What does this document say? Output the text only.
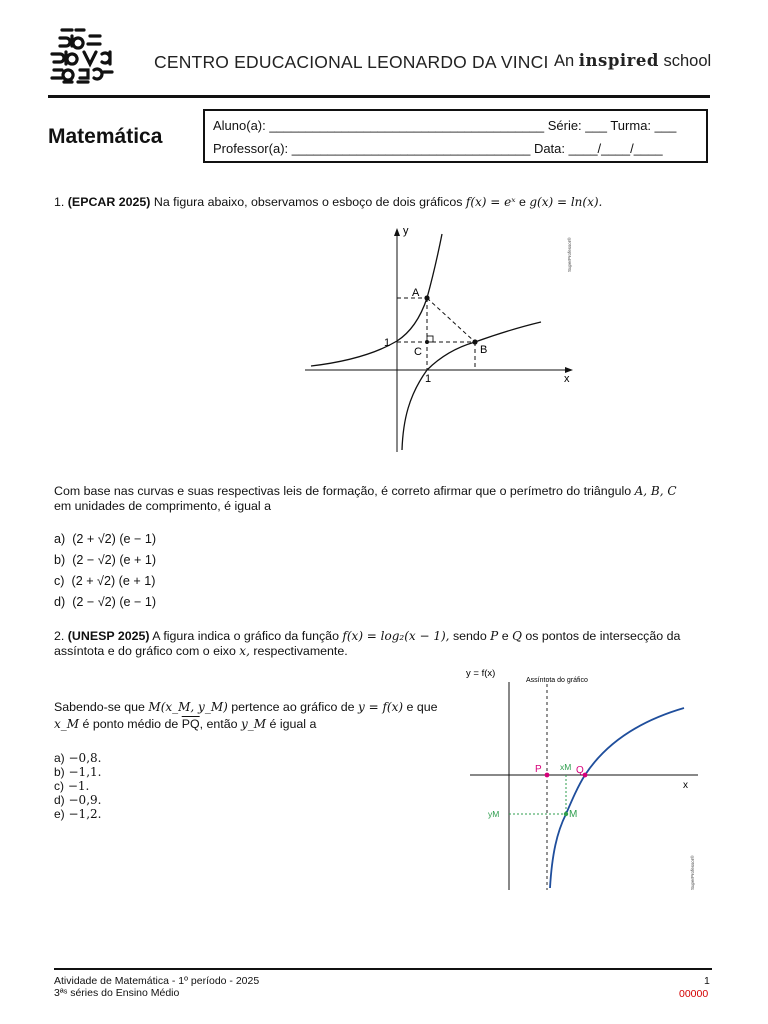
CENTRO EDUCACIONAL LEONARDO DA VINCI An inspired school
Matemática	Aluno(a): ______________________________________ Série: ___ Turma: ___
Professor(a): _________________________________ Data: ____/____/____
1. (EPCAR 2025) Na figura abaixo, observamos o esboço de dois gráficos f(x) = eˣ e g(x) = ln(x).
y
x
A
B
C
1
1
SuperProfessor®
Com base nas curvas e suas respectivas leis de formação, é correto afirmar que o perímetro do triângulo A, B, C
em unidades de comprimento, é igual a
a) (2 + √2) (e − 1)
b) (2 − √2) (e + 1)
c) (2 + √2) (e + 1)
d) (2 − √2) (e − 1)
2. (UNESP 2025) A figura indica o gráfico da função f(x) = log₂(x − 1), sendo P e Q os pontos de intersecção da
assíntota e do gráfico com o eixo x, respectivamente.
Sabendo-se que M(x_M, y_M) pertence ao gráfico de y = f(x) e que
x_M é ponto médio de $\overline{PQ}$, então y_M é igual a
a) −0,8.
b) −1,1.
c) −1.
d) −0,9.
e) −1,2.
y = f(x)
Assíntota do gráfico
x
P xM Q
yM	M
SuperProfessor®
Atividade de Matemática - 1º período - 2025
3ªˢ séries do Ensino Médio
1
00000
